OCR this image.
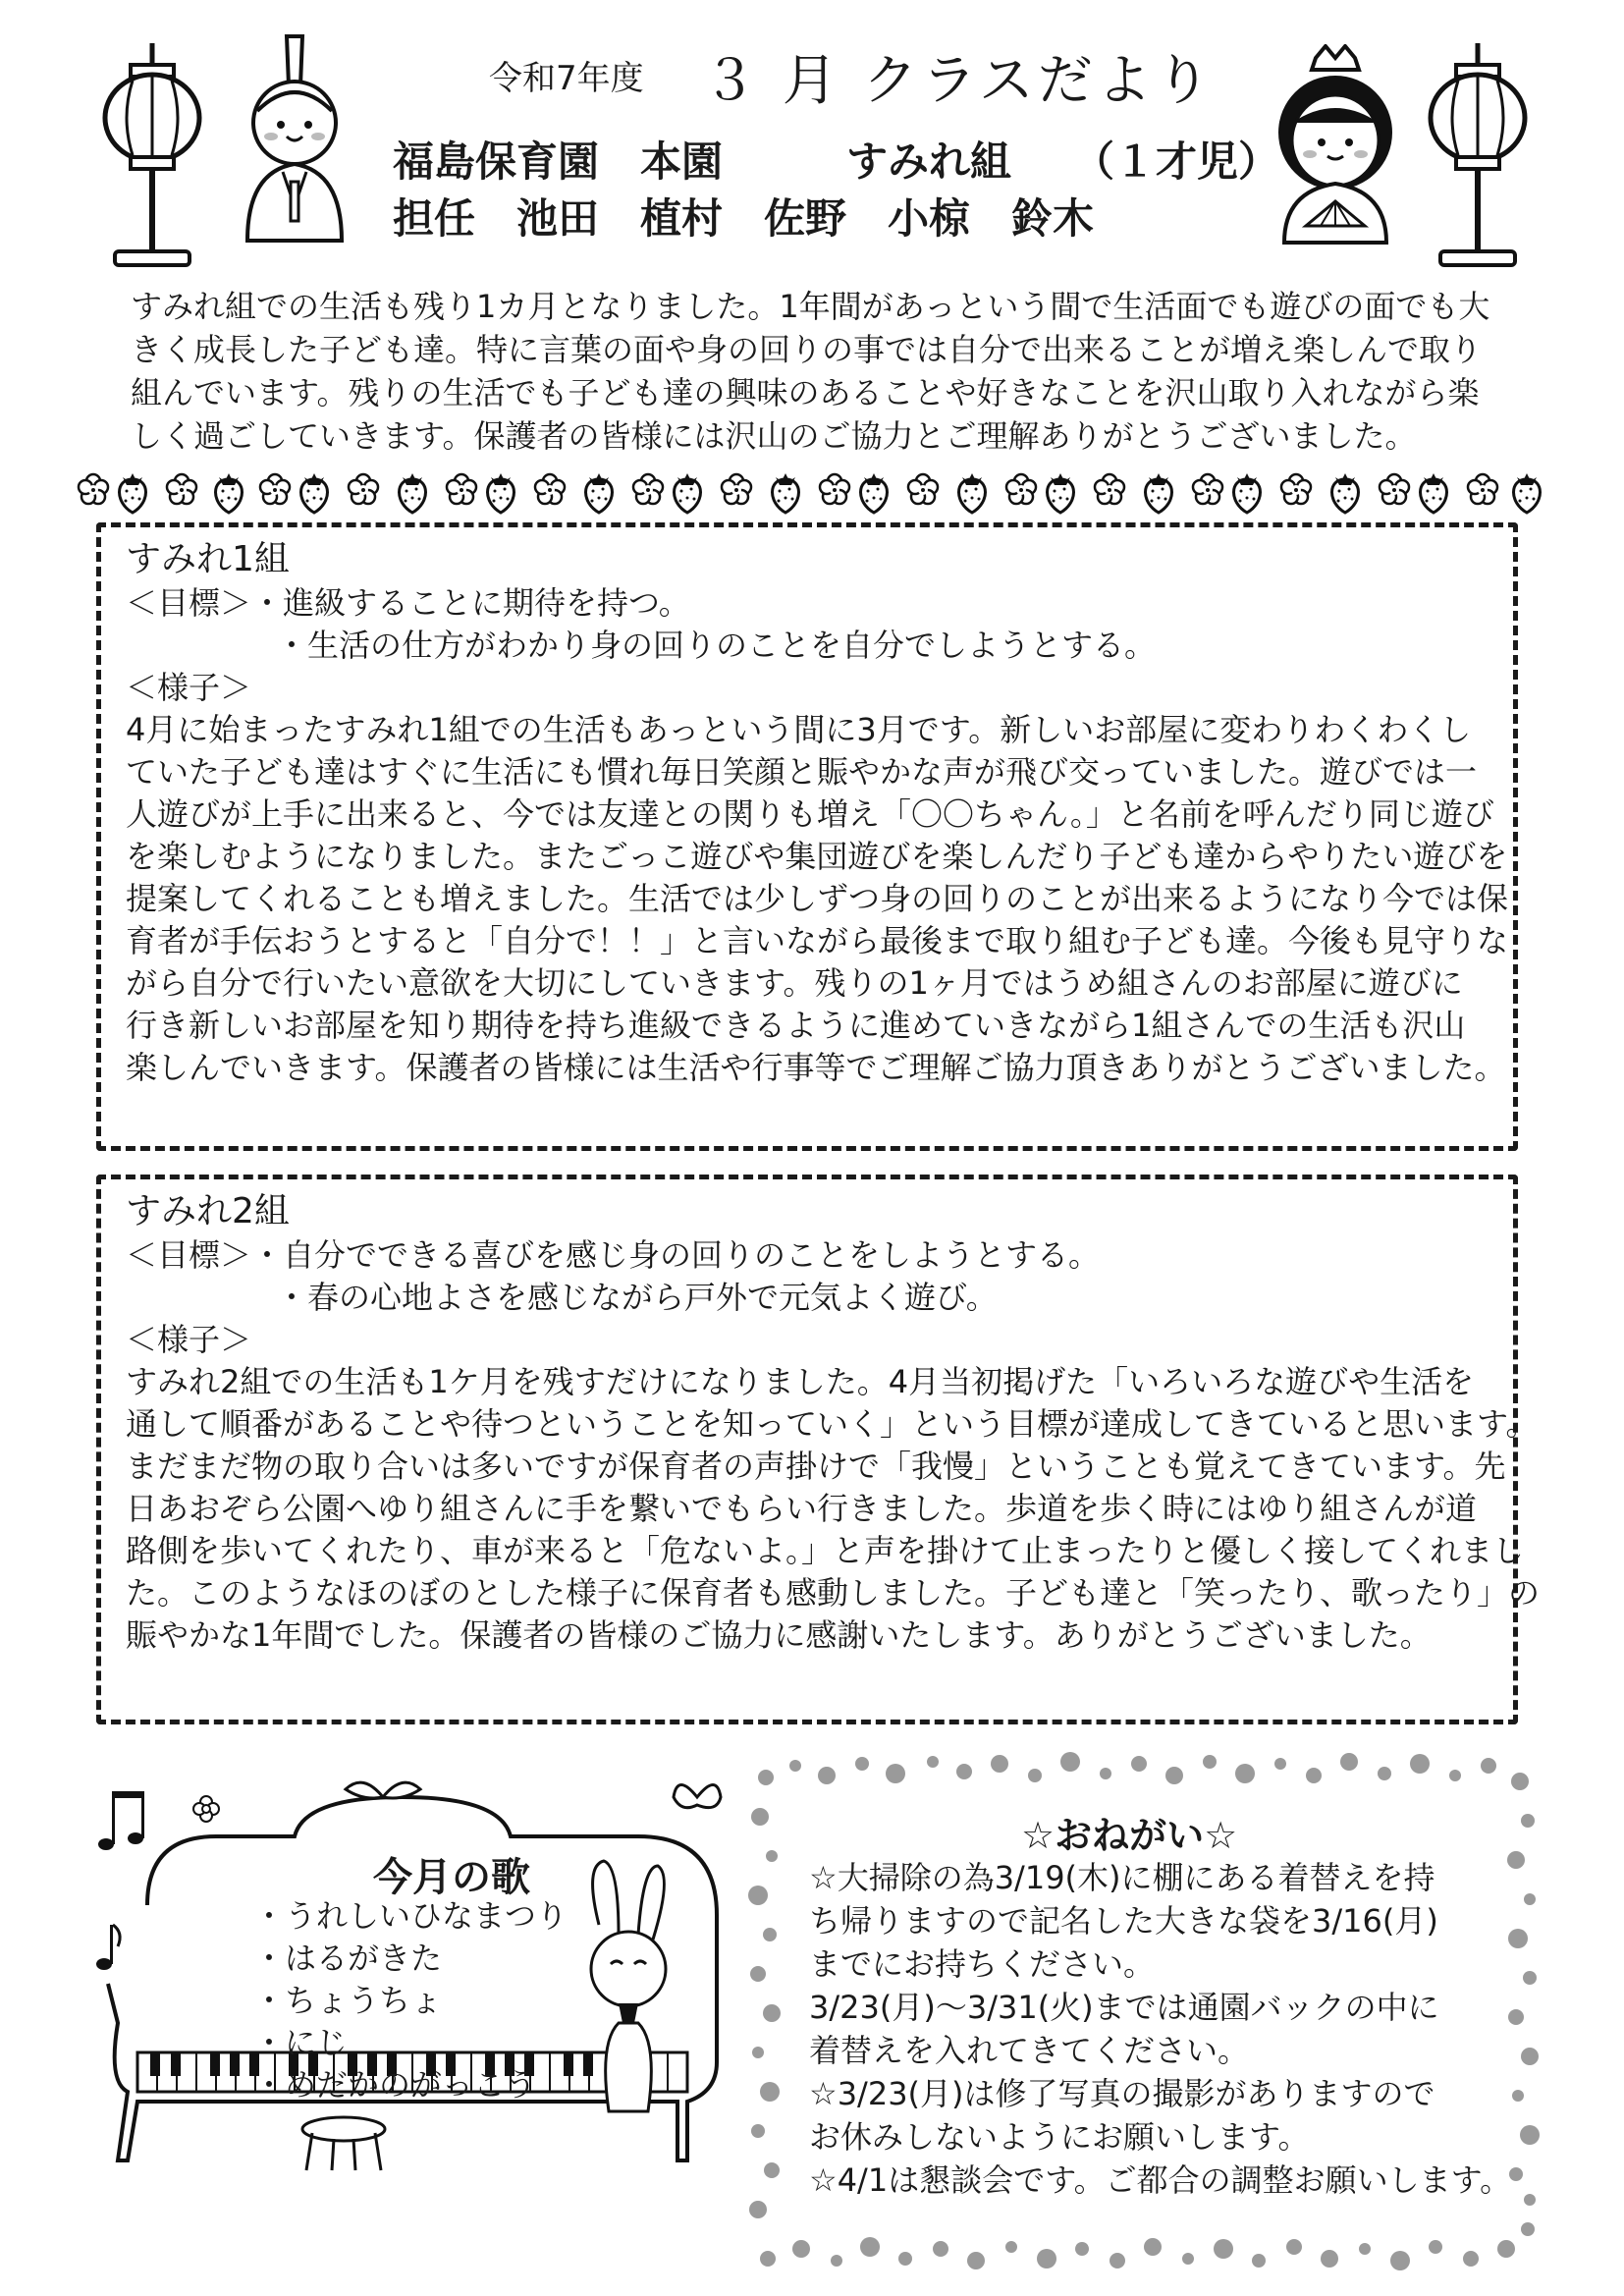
令和7年度 ３ 月 クラスだより
福島保育園　本園　　　すみれ組　　（１才児）
担任　池田　植村　佐野　小椋　鈴木

すみれ組での生活も残り1カ月となりました。1年間があっという間で生活面でも遊びの面でも大

きく成長した子ども達。特に言葉の面や身の回りの事では自分で出来ることが増え楽しんで取り

組んでいます。残りの生活でも子ども達の興味のあることや好きなことを沢山取り入れながら楽

しく過ごしていきます。保護者の皆様には沢山のご協力とご理解ありがとうございました。

すみれ1組
＜目標＞・進級することに期待を持つ。
・生活の仕方がわかり身の回りのことを自分でしようとする。
＜様子＞
4月に始まったすみれ1組での生活もあっという間に3月です。新しいお部屋に変わりわくわくし
ていた子ども達はすぐに生活にも慣れ毎日笑顔と賑やかな声が飛び交っていました。遊びでは一
人遊びが上手に出来ると、今では友達との関りも増え「〇〇ちゃん。」と名前を呼んだり同じ遊び
を楽しむようになりました。またごっこ遊びや集団遊びを楽しんだり子ども達からやりたい遊びを
提案してくれることも増えました。生活では少しずつ身の回りのことが出来るようになり今では保
育者が手伝おうとすると「自分で！！」と言いながら最後まで取り組む子ども達。今後も見守りな
がら自分で行いたい意欲を大切にしていきます。残りの1ヶ月ではうめ組さんのお部屋に遊びに
行き新しいお部屋を知り期待を持ち進級できるように進めていきながら1組さんでの生活も沢山
楽しんでいきます。保護者の皆様には生活や行事等でご理解ご協力頂きありがとうございました。
すみれ2組
＜目標＞・自分でできる喜びを感じ身の回りのことをしようとする。
・春の心地よさを感じながら戸外で元気よく遊び。
＜様子＞
すみれ2組での生活も1ケ月を残すだけになりました。4月当初掲げた「いろいろな遊びや生活を
通して順番があることや待つということを知っていく」という目標が達成してきていると思います。
まだまだ物の取り合いは多いですが保育者の声掛けで「我慢」ということも覚えてきています。先
日あおぞら公園へゆり組さんに手を繋いでもらい行きました。歩道を歩く時にはゆり組さんが道
路側を歩いてくれたり、車が来ると「危ないよ。」と声を掛けて止まったりと優しく接してくれまし
た。このようなほのぼのとした様子に保育者も感動しました。子ども達と「笑ったり、歌ったり」の
賑やかな1年間でした。保護者の皆様のご協力に感謝いたします。ありがとうございました。
今月の歌
・うれしいひなまつり
・はるがきた
・ちょうちょ
・にじ
・めだかのがっこう
☆おねがい☆
☆大掃除の為3/19(木)に棚にある着替えを持
ち帰りますので記名した大きな袋を3/16(月)
までにお持ちください。
3/23(月)～3/31(火)までは通園バックの中に
着替えを入れてきてください。
☆3/23(月)は修了写真の撮影がありますので
お休みしないようにお願いします。
☆4/1は懇談会です。ご都合の調整お願いします。
